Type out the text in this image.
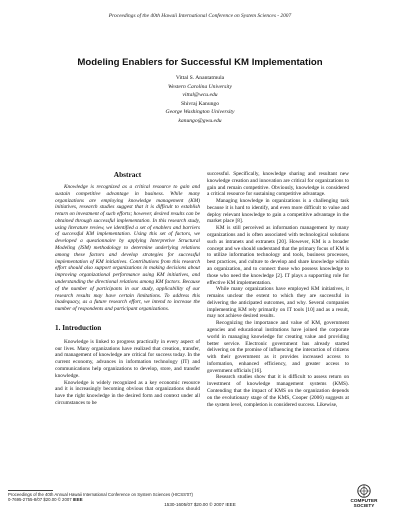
Proceedings of the 40th Hawaii International Conference on System Sciences - 2007
Modeling Enablers for Successful KM Implementation
Vittal S. Anantatmula
Western Carolina University
vittal@wcu.edu
Shivraj Kanungo
George Washington University
kanungo@gwu.edu

Abstract

Knowledge is recognized as a critical resource to gain and sustain competitive advantage in business. While many organizations are employing knowledge management (KM) initiatives, research studies suggest that it is difficult to establish return on investment of such efforts; however, desired results can be obtained through successful implementation. In this research study, using literature review, we identified a set of enablers and barriers of successful KM implementation. Using this set of factors, we developed a questionnaire by applying Interpretive Structural Modeling (ISM) methodology to determine underlying relations among these factors and develop strategies for successful implementation of KM initiatives. Contributions from this research effort should also support organizations in making decisions about improving organizational performance using KM initiatives, and understanding the directional relations among KM factors. Because of the number of participants in our study, applicability of our research results may have certain limitations. To address this inadequacy, as a future research effort, we intend to increase the number of respondents and participant organizations.

1. Introduction

Knowledge is linked to progress practically in every aspect of our lives. Many organizations have realized that creation, transfer, and management of knowledge are critical for success today. In the current economy, advances in information technology (IT) and communications help organizations to develop, store, and transfer knowledge.

Knowledge is widely recognized as a key economic resource and it is increasingly becoming obvious that organizations should have the right knowledge in the desired form and context under all circumstances to be

successful. Specifically, knowledge sharing and resultant new knowledge creation and innovation are critical for organizations to gain and remain competitive. Obviously, knowledge is considered a critical resource for sustaining competitive advantage.

Managing knowledge in organizations is a challenging task because it is hard to identify, and even more difficult to value and deploy relevant knowledge to gain a competitive advantage in the market place [8].

KM is still perceived as information management by many organizations and is often associated with technological solutions such as intranets and extranets [20]. However, KM is a broader concept and we should understand that the primary focus of KM is to utilize information technology and tools, business processes, best practices, and culture to develop and share knowledge within an organization, and to connect those who possess knowledge to those who need the knowledge [2]. IT plays a supporting role for effective KM implementation.

While many organizations have employed KM initiatives, it remains unclear the extent to which they are successful in delivering the anticipated outcomes, and why. Several companies implementing KM rely primarily on IT tools [10] and as a result, may not achieve desired results.

Recognizing the importance and value of KM, government agencies and educational institutions have joined the corporate world in managing knowledge for creating value and providing better service. Electronic government has already started delivering on the promise of influencing the interaction of citizens with their government as it provides increased access to information, enhanced efficiency, and greater access to government officials [16].

Research studies show that it is difficult to assess return on investment of knowledge management systems (KMS). Contending that the impact of KMS on the organization depends on the evolutionary stage of the KMS, Cooper (2006) suggests at the system level, completion is considered success. Likewise,

Proceedings of the 40th Annual Hawaii International Conference on System Sciences (HICSS'07)
0-7695-2755-8/07 $20.00 © 2007 IEEE
1530-1605/07 $20.00 © 2007 IEEE
COMPUTER
SOCIETY
